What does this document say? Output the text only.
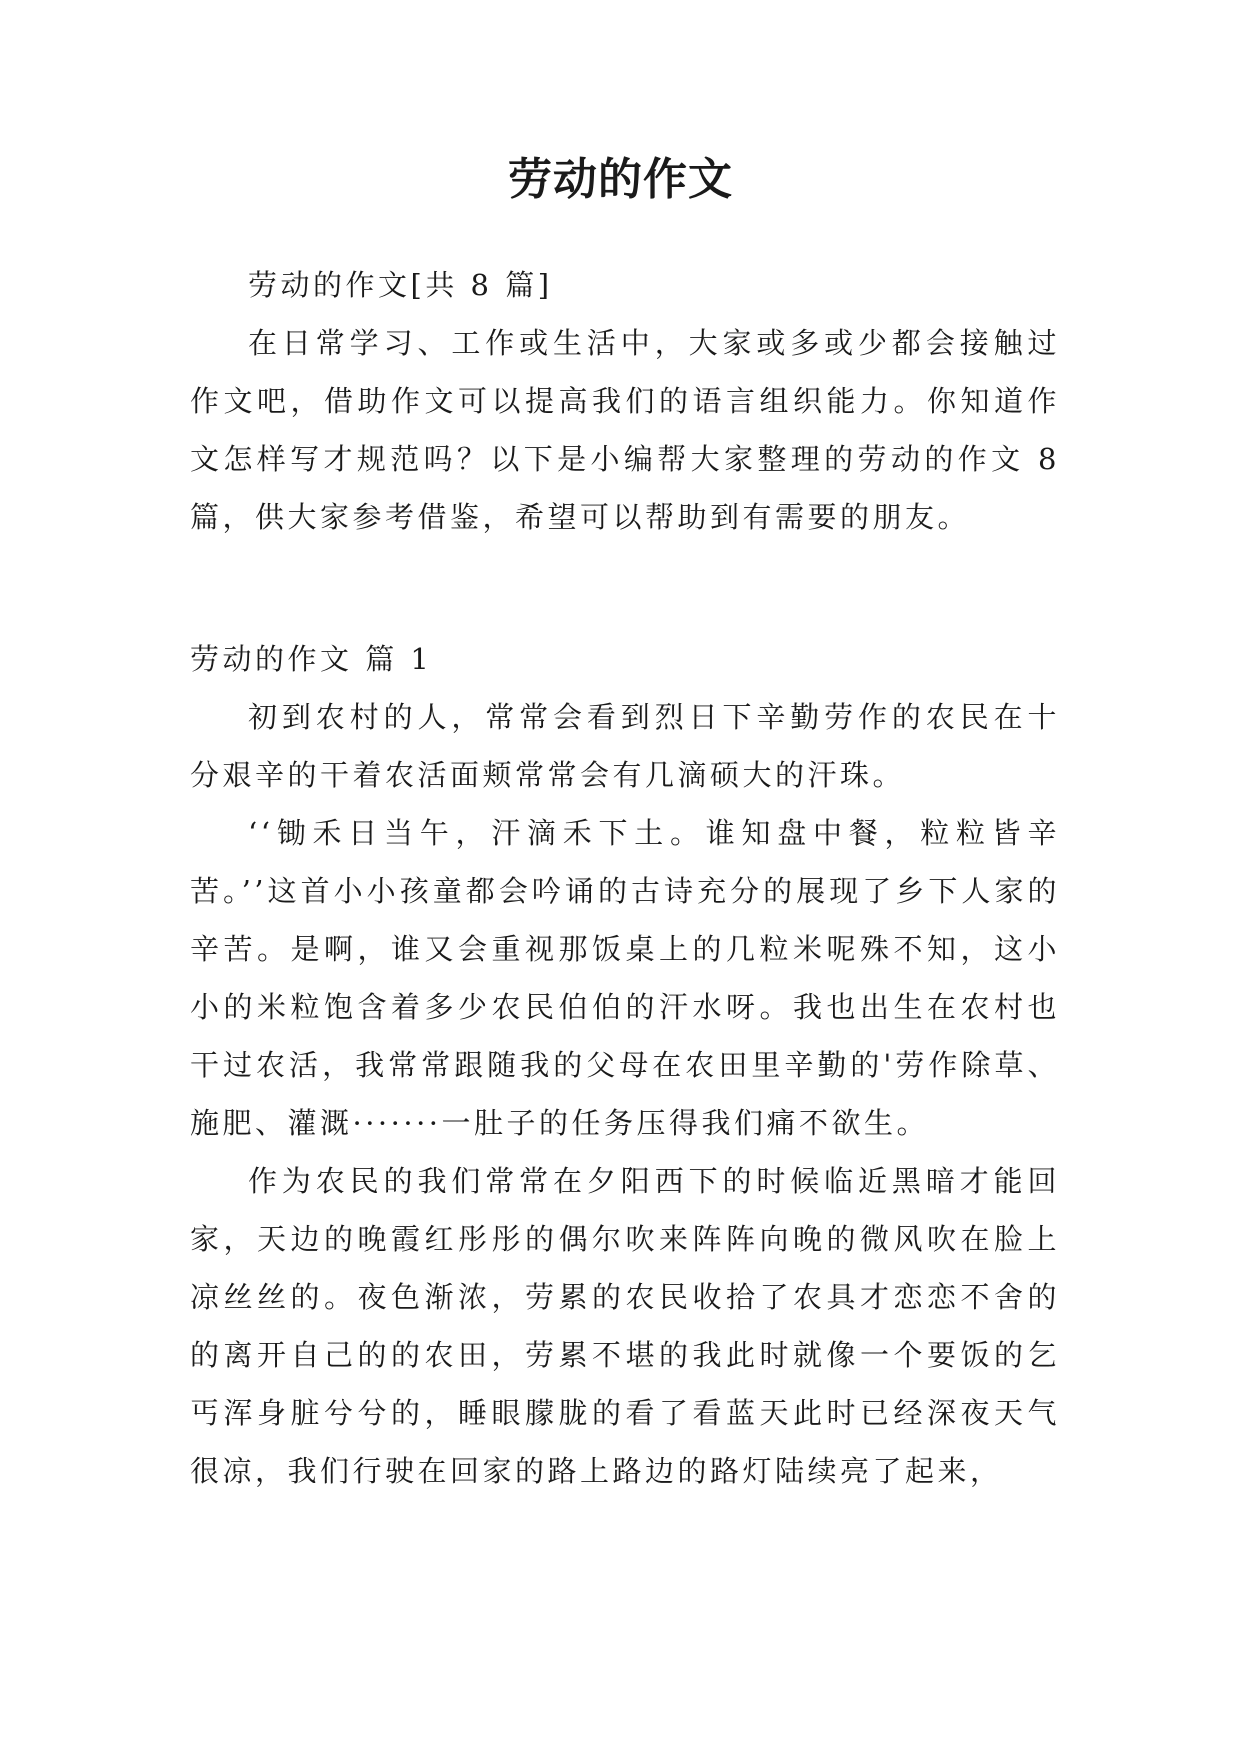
劳动的作文

劳动的作文[共 8 篇]

在日常学习、工作或生活中，大家或多或少都会接触过作文吧，借助作文可以提高我们的语言组织能力。你知道作文怎样写才规范吗？以下是小编帮大家整理的劳动的作文 8 篇，供大家参考借鉴，希望可以帮助到有需要的朋友。

劳动的作文 篇 1

初到农村的人，常常会看到烈日下辛勤劳作的农民在十分艰辛的干着农活面颊常常会有几滴硕大的汗珠。

‘‘锄禾日当午，汗滴禾下土。谁知盘中餐，粒粒皆辛苦。’’这首小小孩童都会吟诵的古诗充分的展现了乡下人家的辛苦。是啊，谁又会重视那饭桌上的几粒米呢殊不知，这小小的米粒饱含着多少农民伯伯的汗水呀。我也出生在农村也干过农活，我常常跟随我的父母在农田里辛勤的'劳作除草、施肥、灌溉·······一肚子的任务压得我们痛不欲生。

作为农民的我们常常在夕阳西下的时候临近黑暗才能回家，天边的晚霞红彤彤的偶尔吹来阵阵向晚的微风吹在脸上凉丝丝的。夜色渐浓，劳累的农民收拾了农具才恋恋不舍的的离开自己的的农田，劳累不堪的我此时就像一个要饭的乞丐浑身脏兮兮的，睡眼朦胧的看了看蓝天此时已经深夜天气很凉，我们行驶在回家的路上路边的路灯陆续亮了起来，
